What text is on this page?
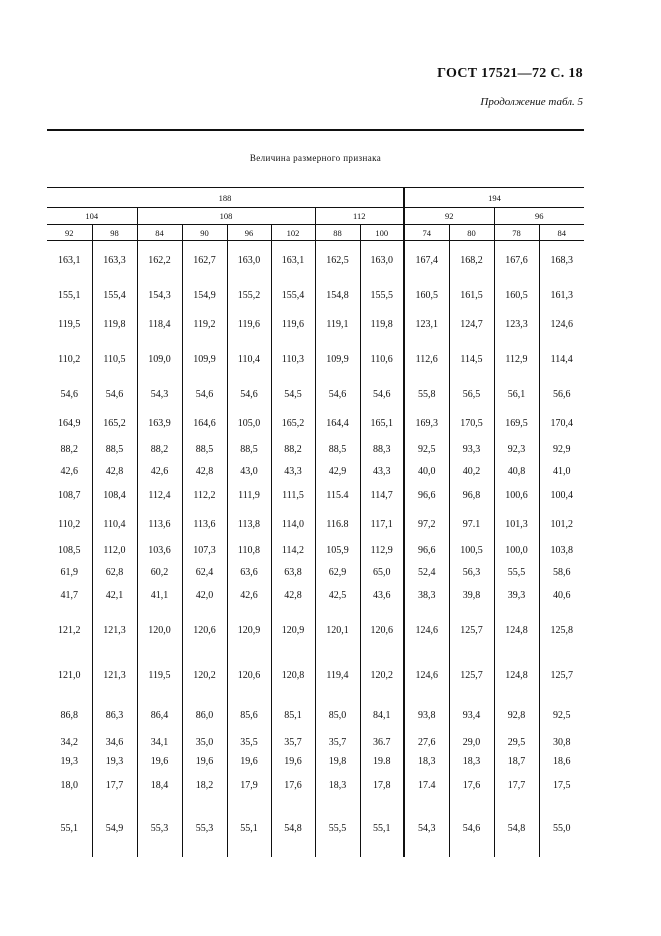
ГОСТ 17521—72 С. 18
Продолжение табл. 5
Величина размерного признака
188								194			
104		108				112		92		96	
92	98	84	90	96	102	88	100	74	80	78	84
163,1	163,3	162,2	162,7	163,0	163,1	162,5	163,0	167,4	168,2	167,6	168,3
155,1	155,4	154,3	154,9	155,2	155,4	154,8	155,5	160,5	161,5	160,5	161,3
119,5	119,8	118,4	119,2	119,6	119,6	119,1	119,8	123,1	124,7	123,3	124,6
110,2	110,5	109,0	109,9	110,4	110,3	109,9	110,6	112,6	114,5	112,9	114,4
54,6	54,6	54,3	54,6	54,6	54,5	54,6	54,6	55,8	56,5	56,1	56,6
164,9	165,2	163,9	164,6	105,0	165,2	164,4	165,1	169,3	170,5	169,5	170,4
88,2	88,5	88,2	88,5	88,5	88,2	88,5	88,3	92,5	93,3	92,3	92,9
42,6	42,8	42,6	42,8	43,0	43,3	42,9	43,3	40,0	40,2	40,8	41,0
108,7	108,4	112,4	112,2	111,9	111,5	115.4	114,7	96,6	96,8	100,6	100,4
110,2	110,4	113,6	113,6	113,8	114,0	116.8	117,1	97,2	97.1	101,3	101,2
108,5	112,0	103,6	107,3	110,8	114,2	105,9	112,9	96,6	100,5	100,0	103,8
61,9	62,8	60,2	62,4	63,6	63,8	62,9	65,0	52,4	56,3	55,5	58,6
41,7	42,1	41,1	42,0	42,6	42,8	42,5	43,6	38,3	39,8	39,3	40,6
121,2	121,3	120,0	120,6	120,9	120,9	120,1	120,6	124,6	125,7	124,8	125,8
121,0	121,3	119,5	120,2	120,6	120,8	119,4	120,2	124,6	125,7	124,8	125,7
86,8	86,3	86,4	86,0	85,6	85,1	85,0	84,1	93,8	93,4	92,8	92,5
34,2	34,6	34,1	35,0	35,5	35,7	35,7	36.7	27,6	29,0	29,5	30,8
19,3	19,3	19,6	19,6	19,6	19,6	19,8	19.8	18,3	18,3	18,7	18,6
18,0	17,7	18,4	18,2	17,9	17,6	18,3	17,8	17.4	17,6	17,7	17,5
55,1	54,9	55,3	55,3	55,1	54,8	55,5	55,1	54,3	54,6	54,8	55,0
